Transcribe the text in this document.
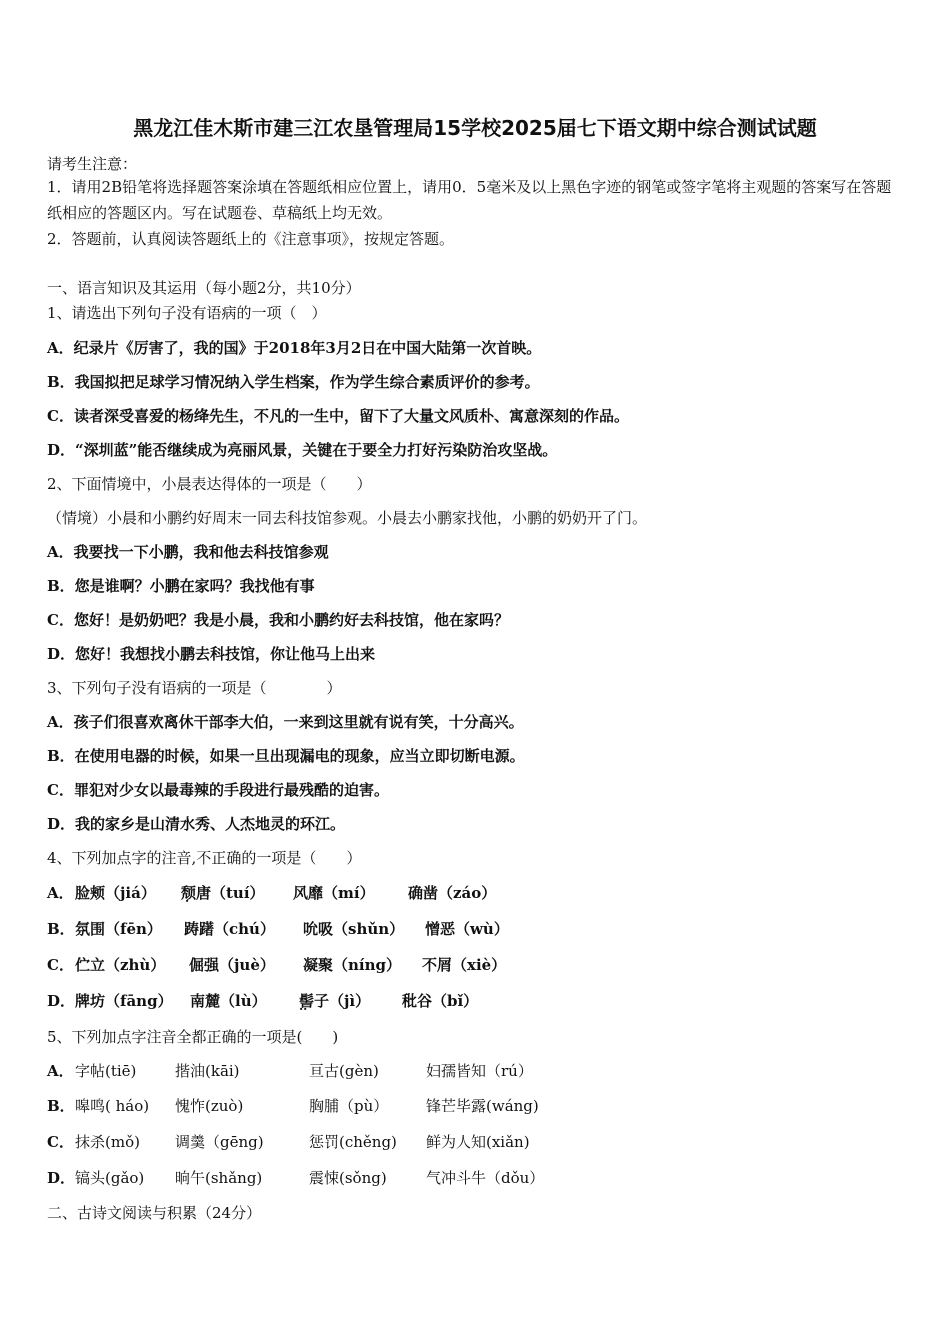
黑龙江佳木斯市建三江农垦管理局15学校2025届七下语文期中综合测试试题
请考生注意：
1．请用2B铅笔将选择题答案涂填在答题纸相应位置上，请用0．5毫米及以上黑色字迹的钢笔或签字笔将主观题的答案写在答题纸相应的答题区内。写在试题卷、草稿纸上均无效。
2．答题前，认真阅读答题纸上的《注意事项》，按规定答题。
一、语言知识及其运用（每小题2分，共10分）
1、请选出下列句子没有语病的一项（　）
A．纪录片《厉害了，我的国》于2018年3月2日在中国大陆第一次首映。
B．我国拟把足球学习情况纳入学生档案，作为学生综合素质评价的参考。
C．读者深受喜爱的杨绛先生，不凡的一生中，留下了大量文风质朴、寓意深刻的作品。
D．“深圳蓝”能否继续成为亮丽风景，关键在于要全力打好污染防治攻坚战。
2、下面情境中，小晨表达得体的一项是（　　）
（情境）小晨和小鹏约好周末一同去科技馆参观。小晨去小鹏家找他，小鹏的奶奶开了门。
A．我要找一下小鹏，我和他去科技馆参观
B．您是谁啊？小鹏在家吗？我找他有事
C．您好！是奶奶吧？我是小晨，我和小鹏约好去科技馆，他在家吗？
D．您好！我想找小鹏去科技馆，你让他马上出来
3、下列句子没有语病的一项是（　　　　）
A．孩子们很喜欢离休干部李大伯，一来到这里就有说有笑，十分高兴。
B．在使用电器的时候，如果一旦出现漏电的现象，应当立即切断电源。
C．罪犯对少女以最毒辣的手段进行最残酷的迫害。
D．我的家乡是山清水秀、人杰地灵的环江。
4、下列加点字的注音,不正确的一项是（　　）
A． 脸颊（jiá） 颓唐（tuí） · 风靡（mí） 确凿（záo）
B． 氛围（fēn） 踌躇（chú） 吮吸（shǔn） 憎恶（wù）
C． 伫立（zhù） 倔强（juè） 凝聚（níng） 不屑（xiè）
D． 牌坊（fāng） 南麓（lù） 髻子（jì） ·· 秕谷（bǐ）
5、下列加点字注音全都正确的一项是(　　)
A． 字帖(tiē)	揩油(kāi)	亘古(gèn)	妇孺皆知（rú）
B． 嗥鸣( háo) 愧怍(zuò)	胸脯（pù）	锋芒毕露(wáng)
C． 抹杀(mǒ) 调羹（gēng)	惩罚(chěng) 鲜为人知(xiǎn)
D． 镐头(gǎo) 晌午(shǎng)	震悚(sǒng)	气冲斗牛（dǒu）
二、古诗文阅读与积累（24分）
